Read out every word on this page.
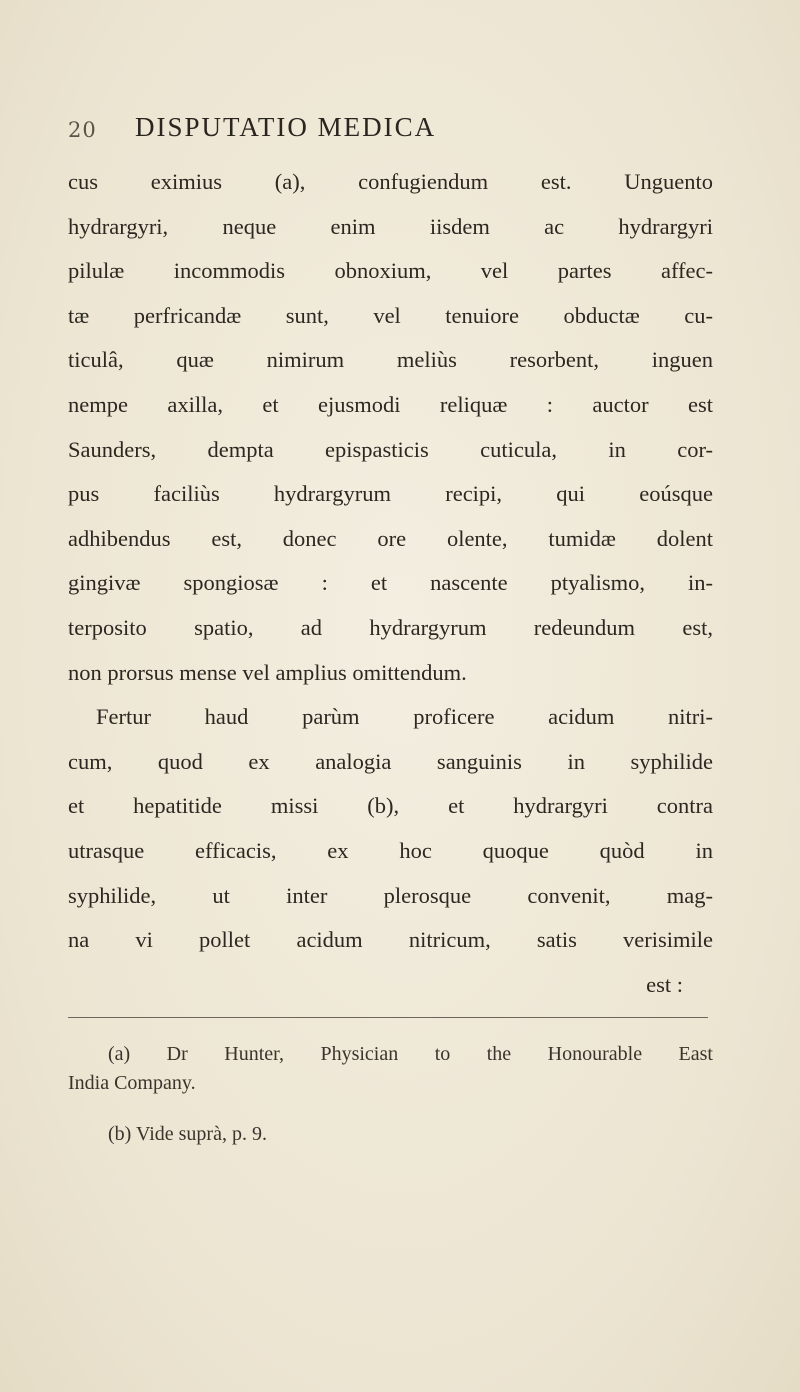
20 DISPUTATIO MEDICA
cus eximius (a), confugiendum est. Unguento
hydrargyri, neque enim iisdem ac hydrargyri
pilulæ incommodis obnoxium, vel partes affec-
tæ perfricandæ sunt, vel tenuiore obductæ cu-
ticulâ, quæ nimirum meliùs resorbent, inguen
nempe axilla, et ejusmodi reliquæ : auctor est
Saunders, dempta epispasticis cuticula, in cor-
pus faciliùs hydrargyrum recipi, qui eoúsque
adhibendus est, donec ore olente, tumidæ dolent
gingivæ spongiosæ : et nascente ptyalismo, in-
terposito spatio, ad hydrargyrum redeundum est,
non prorsus mense vel amplius omittendum.
Fertur haud parùm proficere acidum nitri-
cum, quod ex analogia sanguinis in syphilide
et hepatitide missi (b), et hydrargyri contra
utrasque efficacis, ex hoc quoque quòd in
syphilide, ut inter plerosque convenit, mag-
na vi pollet acidum nitricum, satis verisimile
est :
(a) Dr Hunter, Physician to the Honourable East
India Company.
(b) Vide suprà, p. 9.
